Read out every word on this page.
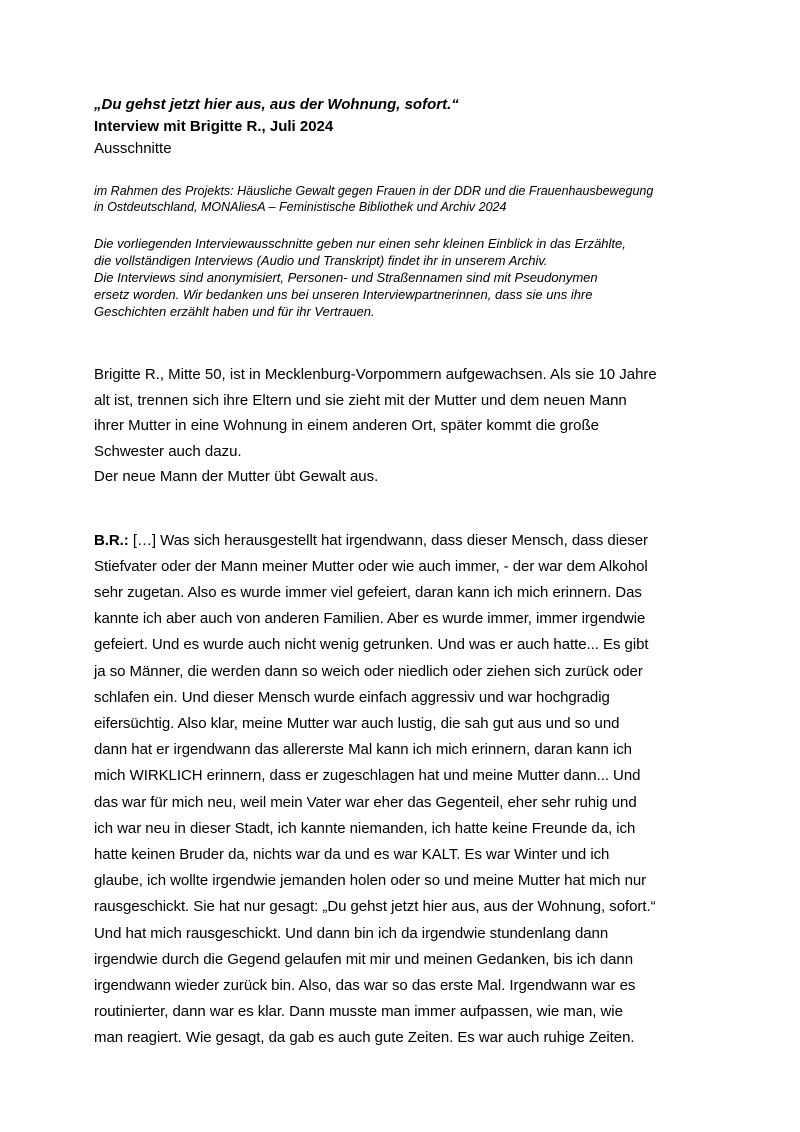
„Du gehst jetzt hier aus, aus der Wohnung, sofort.“

Interview mit Brigitte R., Juli 2024

Ausschnitte

im Rahmen des Projekts: Häusliche Gewalt gegen Frauen in der DDR und die Frauenhausbewegung

in Ostdeutschland, MONAliesA – Feministische Bibliothek und Archiv 2024

Die vorliegenden Interviewausschnitte geben nur einen sehr kleinen Einblick in das Erzählte,

die vollständigen Interviews (Audio und Transkript) findet ihr in unserem Archiv.

Die Interviews sind anonymisiert, Personen- und Straßennamen sind mit Pseudonymen

ersetz worden. Wir bedanken uns bei unseren Interviewpartnerinnen, dass sie uns ihre

Geschichten erzählt haben und für ihr Vertrauen.

Brigitte R., Mitte 50, ist in Mecklenburg-Vorpommern aufgewachsen. Als sie 10 Jahre

alt ist, trennen sich ihre Eltern und sie zieht mit der Mutter und dem neuen Mann

ihrer Mutter in eine Wohnung in einem anderen Ort, später kommt die große

Schwester auch dazu.

Der neue Mann der Mutter übt Gewalt aus.

B.R.: […] Was sich herausgestellt hat irgendwann, dass dieser Mensch, dass dieser

Stiefvater oder der Mann meiner Mutter oder wie auch immer, - der war dem Alkohol

sehr zugetan. Also es wurde immer viel gefeiert, daran kann ich mich erinnern. Das

kannte ich aber auch von anderen Familien. Aber es wurde immer, immer irgendwie

gefeiert. Und es wurde auch nicht wenig getrunken. Und was er auch hatte... Es gibt

ja so Männer, die werden dann so weich oder niedlich oder ziehen sich zurück oder

schlafen ein. Und dieser Mensch wurde einfach aggressiv und war hochgradig

eifersüchtig. Also klar, meine Mutter war auch lustig, die sah gut aus und so und

dann hat er irgendwann das allererste Mal kann ich mich erinnern, daran kann ich

mich WIRKLICH erinnern, dass er zugeschlagen hat und meine Mutter dann... Und

das war für mich neu, weil mein Vater war eher das Gegenteil, eher sehr ruhig und

ich war neu in dieser Stadt, ich kannte niemanden, ich hatte keine Freunde da, ich

hatte keinen Bruder da, nichts war da und es war KALT. Es war Winter und ich

glaube, ich wollte irgendwie jemanden holen oder so und meine Mutter hat mich nur

rausgeschickt. Sie hat nur gesagt: „Du gehst jetzt hier aus, aus der Wohnung, sofort.“

Und hat mich rausgeschickt. Und dann bin ich da irgendwie stundenlang dann

irgendwie durch die Gegend gelaufen mit mir und meinen Gedanken, bis ich dann

irgendwann wieder zurück bin. Also, das war so das erste Mal. Irgendwann war es

routinierter, dann war es klar. Dann musste man immer aufpassen, wie man, wie

man reagiert. Wie gesagt, da gab es auch gute Zeiten. Es war auch ruhige Zeiten.
